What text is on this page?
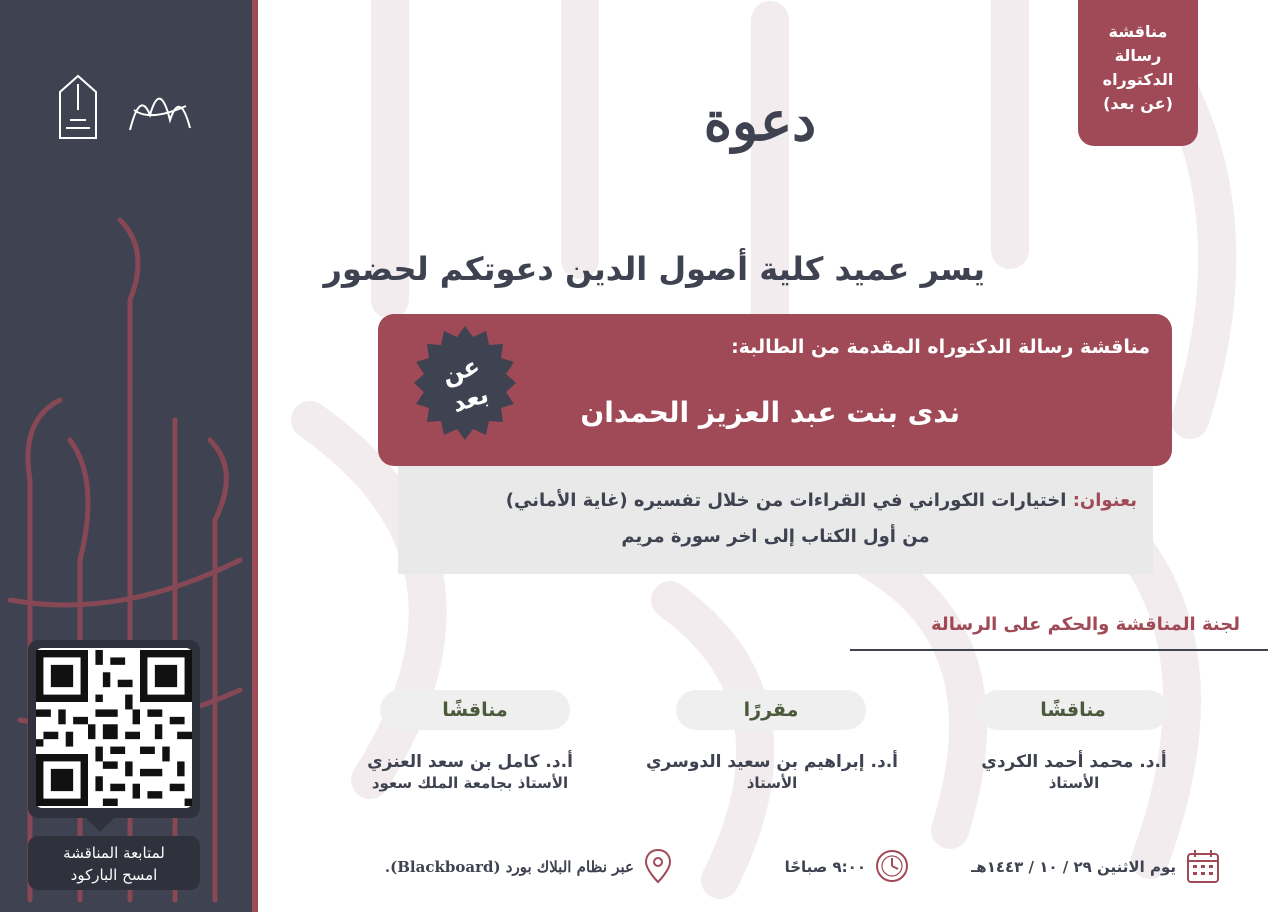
لمتابعة المناقشة
امسح الباركود
مناقشة
رسالة
الدكتوراه
(عن بعد)
دعوة
يسر عميد كلية أصول الدين دعوتكم لحضور
مناقشة رسالة الدكتوراه المقدمة من الطالبة:
ندى بنت عبد العزيز الحمدان
عن
بعد
بعنوان: اختيارات الكوراني في القراءات من خلال تفسيره (غاية الأماني)
من أول الكتاب إلى اخر سورة مريم
لجنة المناقشة والحكم على الرسالة
مناقشًا
مقررًا
مناقشًا
أ.د. محمد أحمد الكردي
الأستاذ
أ.د. إبراهيم بن سعيد الدوسري
الأستاذ
أ.د. كامل بن سعد العنزي
الأستاذ بجامعة الملك سعود
يوم الاثنين ٢٩ / ١٠ / ١٤٤٣هـ
٩:٠٠ صباحًا
عبر نظام البلاك بورد (Blackboard).
